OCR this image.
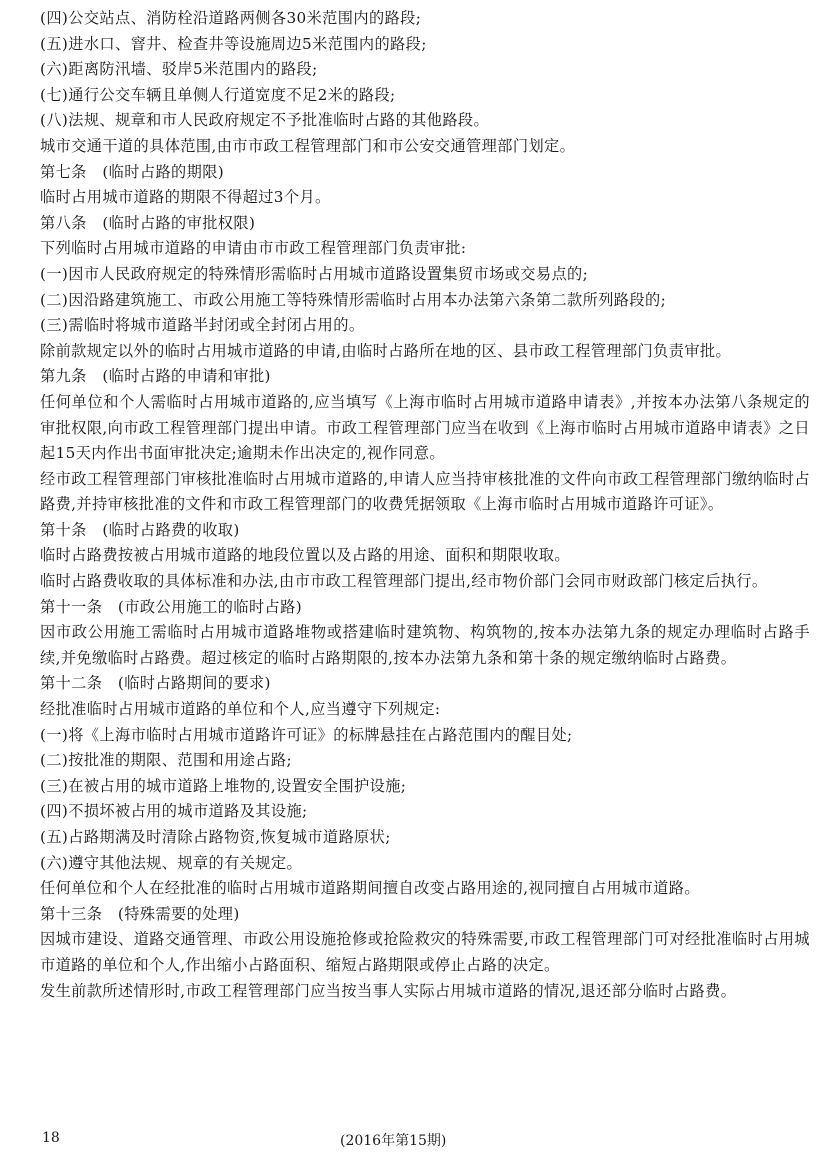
(四)公交站点、消防栓沿道路两侧各30米范围内的路段;

(五)进水口、窨井、检查井等设施周边5米范围内的路段;

(六)距离防汛墙、驳岸5米范围内的路段;

(七)通行公交车辆且单侧人行道宽度不足2米的路段;

(八)法规、规章和市人民政府规定不予批准临时占路的其他路段。

城市交通干道的具体范围,由市市政工程管理部门和市公安交通管理部门划定。

第七条　(临时占路的期限)

临时占用城市道路的期限不得超过3个月。

第八条　(临时占路的审批权限)

下列临时占用城市道路的申请由市市政工程管理部门负责审批:

(一)因市人民政府规定的特殊情形需临时占用城市道路设置集贸市场或交易点的;

(二)因沿路建筑施工、市政公用施工等特殊情形需临时占用本办法第六条第二款所列路段的;

(三)需临时将城市道路半封闭或全封闭占用的。

除前款规定以外的临时占用城市道路的申请,由临时占路所在地的区、县市政工程管理部门负责审批。

第九条　(临时占路的申请和审批)

任何单位和个人需临时占用城市道路的,应当填写《上海市临时占用城市道路申请表》,并按本办法第八条规定的审批权限,向市政工程管理部门提出申请。市政工程管理部门应当在收到《上海市临时占用城市道路申请表》之日起15天内作出书面审批决定;逾期未作出决定的,视作同意。

经市政工程管理部门审核批准临时占用城市道路的,申请人应当持审核批准的文件向市政工程管理部门缴纳临时占路费,并持审核批准的文件和市政工程管理部门的收费凭据领取《上海市临时占用城市道路许可证》。

第十条　(临时占路费的收取)

临时占路费按被占用城市道路的地段位置以及占路的用途、面积和期限收取。

临时占路费收取的具体标准和办法,由市市政工程管理部门提出,经市物价部门会同市财政部门核定后执行。

第十一条　(市政公用施工的临时占路)

因市政公用施工需临时占用城市道路堆物或搭建临时建筑物、构筑物的,按本办法第九条的规定办理临时占路手续,并免缴临时占路费。超过核定的临时占路期限的,按本办法第九条和第十条的规定缴纳临时占路费。

第十二条　(临时占路期间的要求)

经批准临时占用城市道路的单位和个人,应当遵守下列规定:

(一)将《上海市临时占用城市道路许可证》的标牌悬挂在占路范围内的醒目处;

(二)按批准的期限、范围和用途占路;

(三)在被占用的城市道路上堆物的,设置安全围护设施;

(四)不损坏被占用的城市道路及其设施;

(五)占路期满及时清除占路物资,恢复城市道路原状;

(六)遵守其他法规、规章的有关规定。

任何单位和个人在经批准的临时占用城市道路期间擅自改变占路用途的,视同擅自占用城市道路。

第十三条　(特殊需要的处理)

因城市建设、道路交通管理、市政公用设施抢修或抢险救灾的特殊需要,市政工程管理部门可对经批准临时占用城市道路的单位和个人,作出缩小占路面积、缩短占路期限或停止占路的决定。

发生前款所述情形时,市政工程管理部门应当按当事人实际占用城市道路的情况,退还部分临时占路费。

18	(2016年第15期)
